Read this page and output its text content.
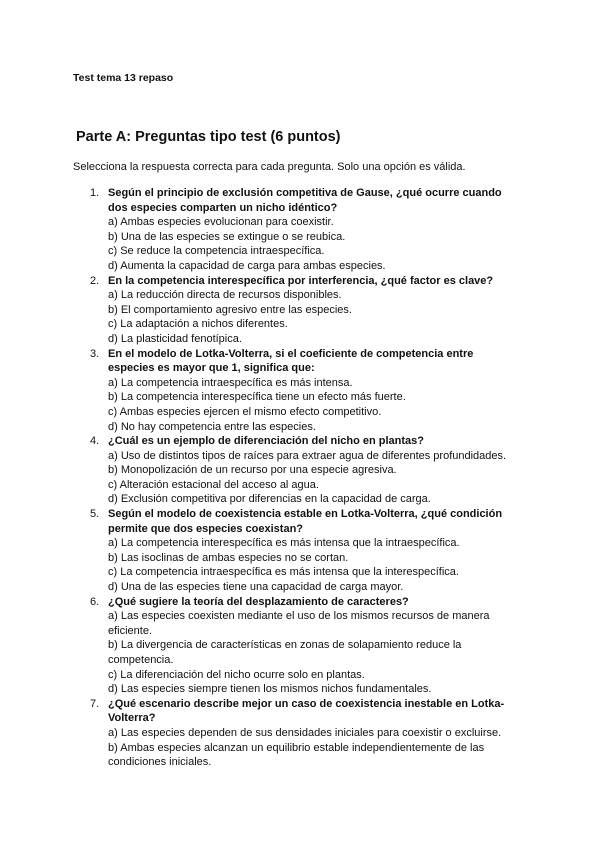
Test tema 13 repaso
Parte A: Preguntas tipo test (6 puntos)
Selecciona la respuesta correcta para cada pregunta. Solo una opción es válida.
1. Según el principio de exclusión competitiva de Gause, ¿qué ocurre cuando dos especies comparten un nicho idéntico?
a) Ambas especies evolucionan para coexistir.
b) Una de las especies se extingue o se reubica.
c) Se reduce la competencia intraespecífica.
d) Aumenta la capacidad de carga para ambas especies.
2. En la competencia interespecífica por interferencia, ¿qué factor es clave?
a) La reducción directa de recursos disponibles.
b) El comportamiento agresivo entre las especies.
c) La adaptación a nichos diferentes.
d) La plasticidad fenotípica.
3. En el modelo de Lotka-Volterra, si el coeficiente de competencia entre especies es mayor que 1, significa que:
a) La competencia intraespecífica es más intensa.
b) La competencia interespecífica tiene un efecto más fuerte.
c) Ambas especies ejercen el mismo efecto competitivo.
d) No hay competencia entre las especies.
4. ¿Cuál es un ejemplo de diferenciación del nicho en plantas?
a) Uso de distintos tipos de raíces para extraer agua de diferentes profundidades.
b) Monopolización de un recurso por una especie agresiva.
c) Alteración estacional del acceso al agua.
d) Exclusión competitiva por diferencias en la capacidad de carga.
5. Según el modelo de coexistencia estable en Lotka-Volterra, ¿qué condición permite que dos especies coexistan?
a) La competencia interespecífica es más intensa que la intraespecífica.
b) Las isoclinas de ambas especies no se cortan.
c) La competencia intraespecífica es más intensa que la interespecífica.
d) Una de las especies tiene una capacidad de carga mayor.
6. ¿Qué sugiere la teoría del desplazamiento de caracteres?
a) Las especies coexisten mediante el uso de los mismos recursos de manera eficiente.
b) La divergencia de características en zonas de solapamiento reduce la competencia.
c) La diferenciación del nicho ocurre solo en plantas.
d) Las especies siempre tienen los mismos nichos fundamentales.
7. ¿Qué escenario describe mejor un caso de coexistencia inestable en Lotka-Volterra?
a) Las especies dependen de sus densidades iniciales para coexistir o excluirse.
b) Ambas especies alcanzan un equilibrio estable independientemente de las condiciones iniciales.
